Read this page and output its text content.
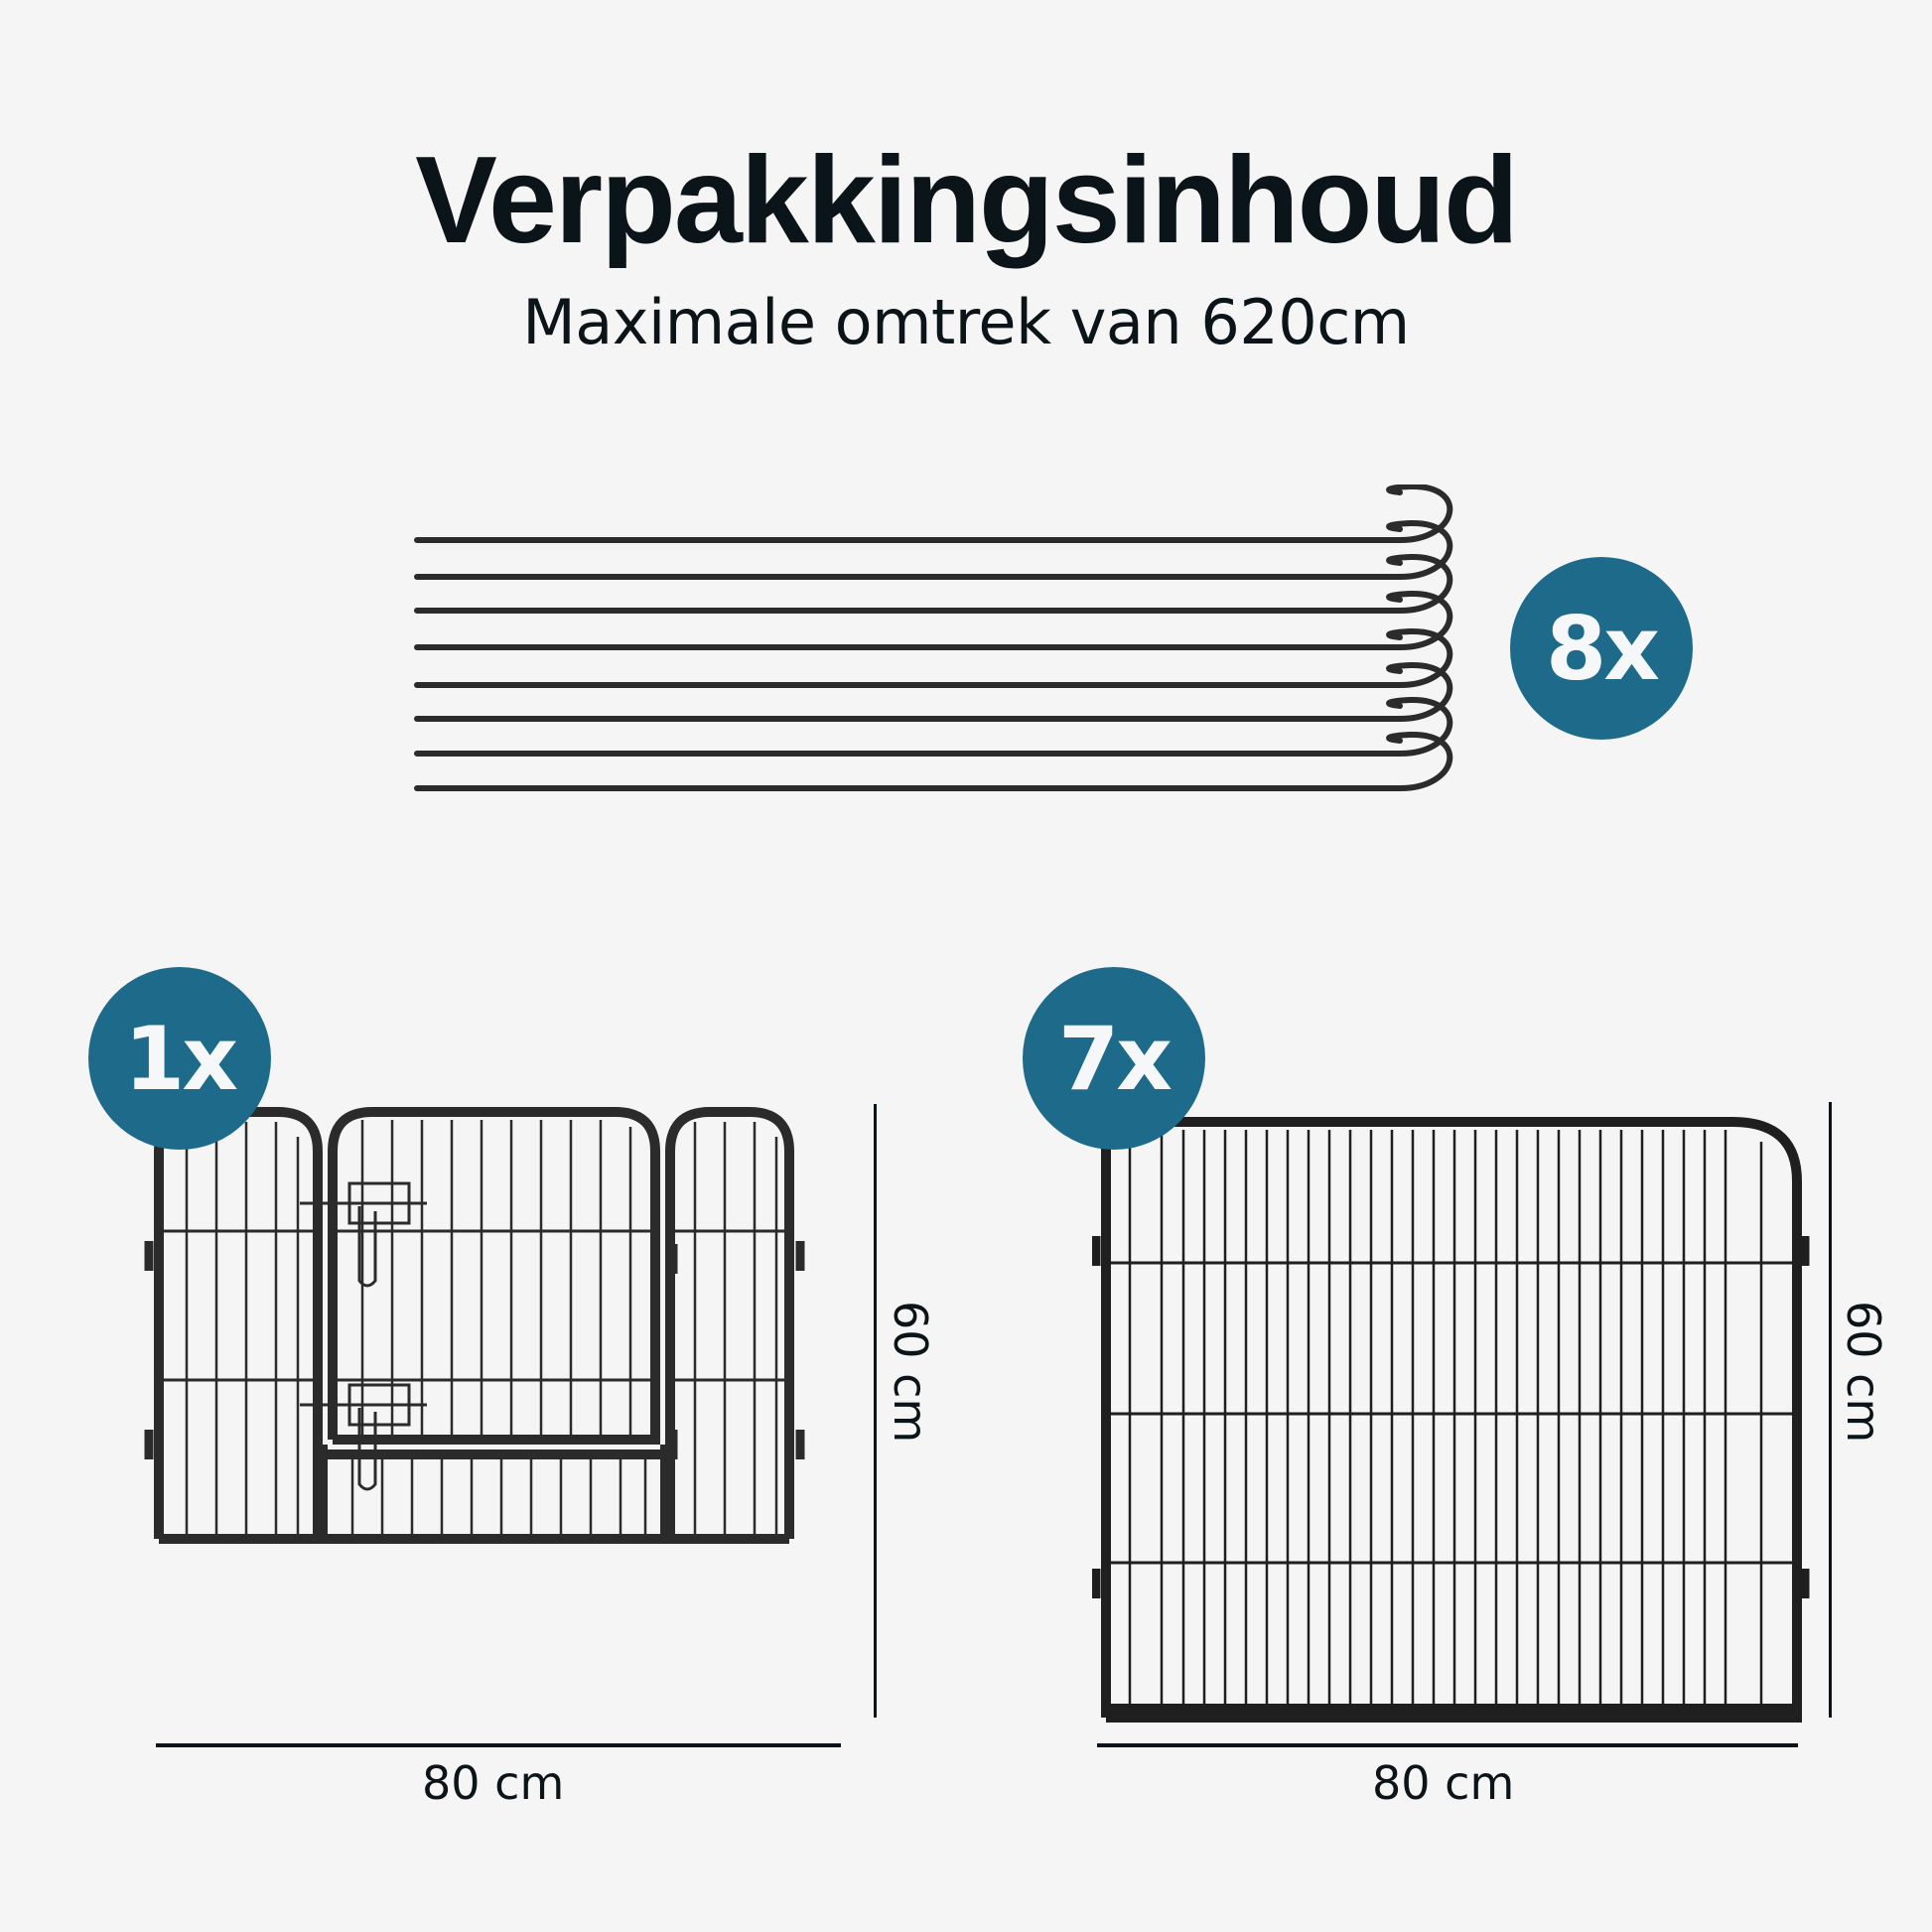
Verpakkingsinhoud
Maximale omtrek van 620cm
8x
1x
60 cm
80 cm
7x
60 cm
80 cm
